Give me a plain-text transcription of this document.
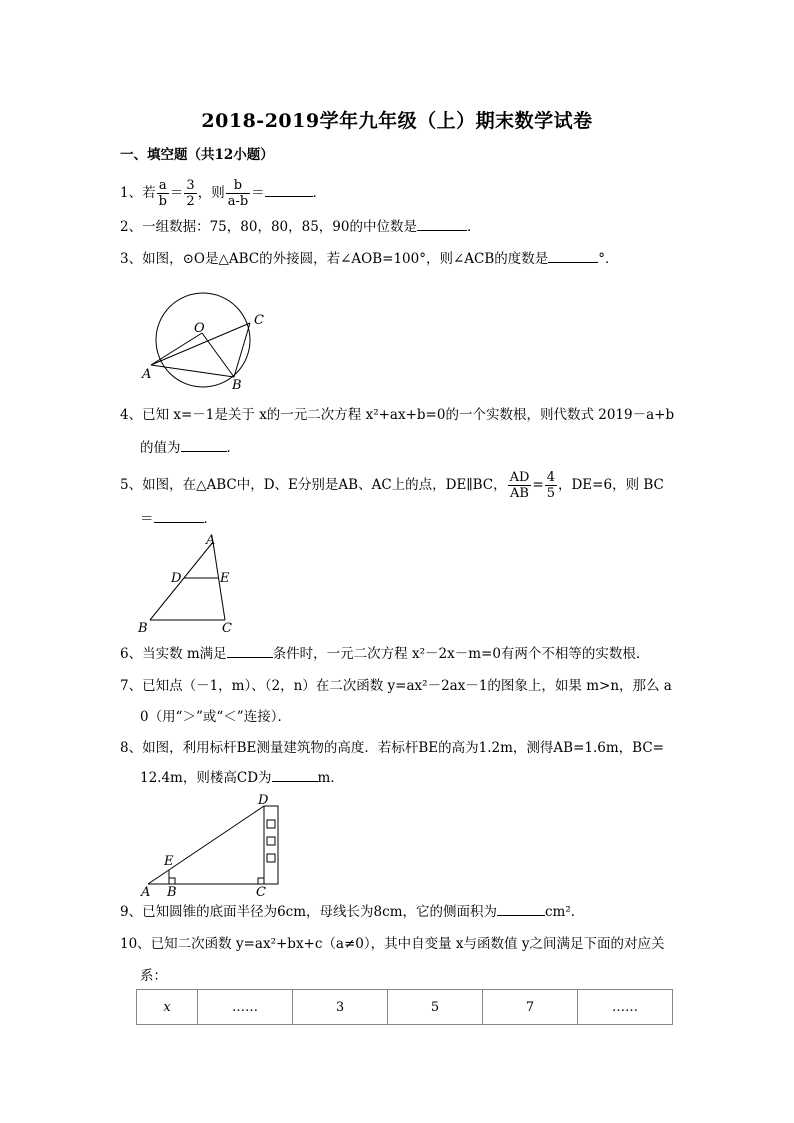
2018-2019学年九年级（上）期末数学试卷
一、填空题（共12小题）
1、若 $\frac{a}{b} = \frac{3}{2}$ ，则 $\frac{b}{a-b}$ ＝	．
2、一组数据：75，80，80，85，90的中位数是	．
3、如图，⊙O是△ABC的外接圆，若∠AOB=100°，则∠ACB的度数是	°．
O
C
A
B
4、已知 x=－1是关于 x的一元二次方程 x²+ax+b=0的一个实数根，则代数式 2019－a+b
的值为	．
5、如图，在△ABC中，D、E分别是AB、AC上的点，DE∥BC， $\frac{AD}{AB} = \frac{4}{5}$ ，DE=6，则 BC
＝	．
A
D	E
B	C
6、当实数 m满足	条件时，一元二次方程 x²－2x－m=0有两个不相等的实数根．
7、已知点（－1，m）、（2，n）在二次函数 y=ax²－2ax－1的图象上，如果 m>n，那么 a
0（用“＞”或“＜”连接）．
8、如图，利用标杆BE测量建筑物的高度．若标杆BE的高为1.2m，测得AB=1.6m，BC=
12.4m，则楼高CD为	m．
D
E
A B	C
9、已知圆锥的底面半径为6cm，母线长为8cm，它的侧面积为	cm²．
10、已知二次函数 y=ax²+bx+c（a≠0），其中自变量 x与函数值 y之间满足下面的对应关
系：
x	……	3	5	7	……
